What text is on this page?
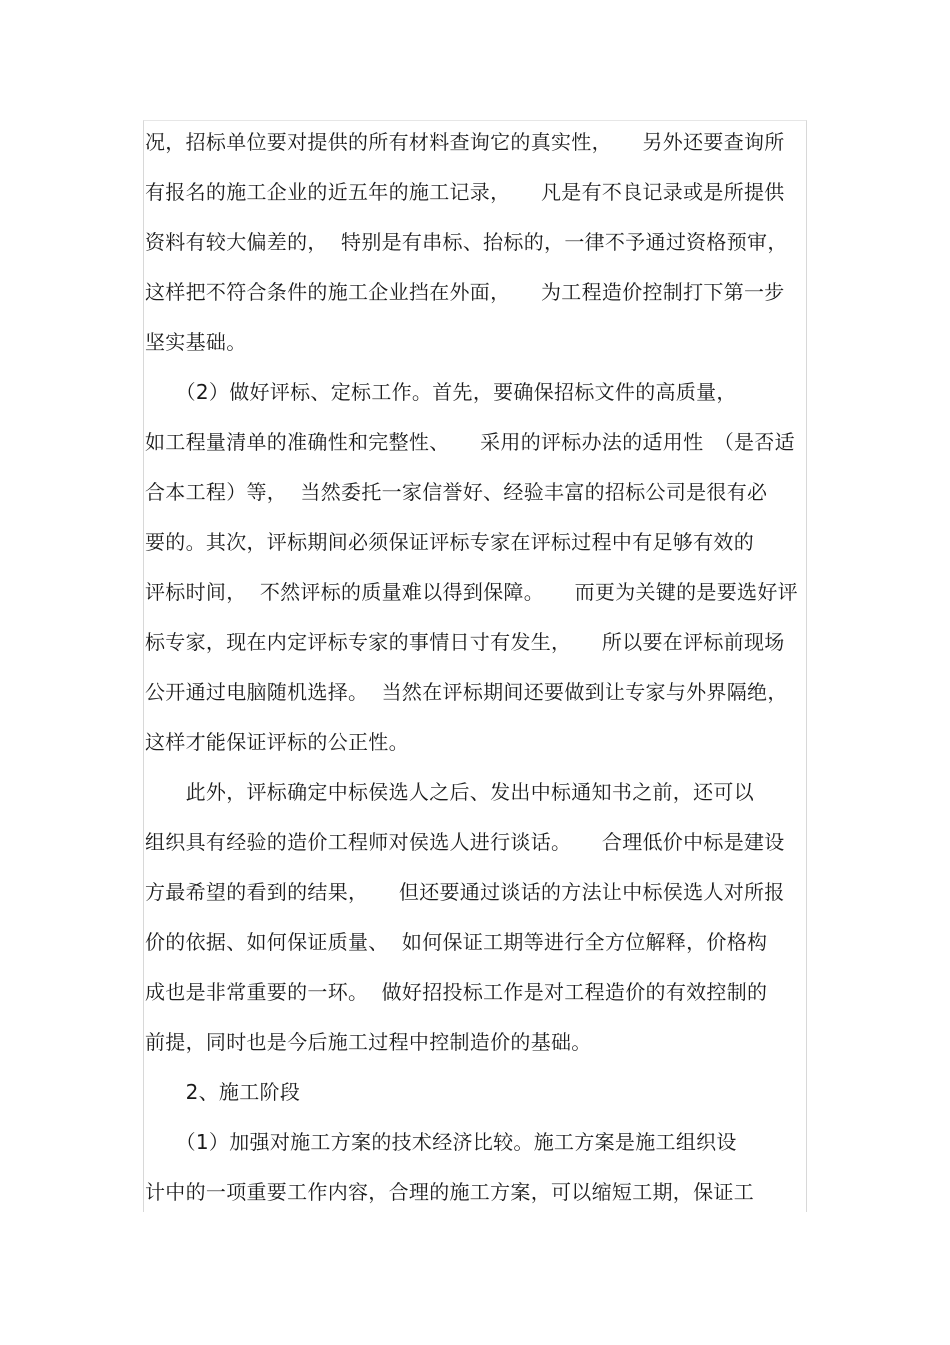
况，招标单位要对提供的所有材料查询它的真实性，　　另外还要查询所

有报名的施工企业的近五年的施工记录，　　凡是有不良记录或是所提供

资料有较大偏差的，  特别是有串标、抬标的，一律不予通过资格预审，

这样把不符合条件的施工企业挡在外面，　　为工程造价控制打下第一步

坚实基础。

　　（2）做好评标、定标工作。首先，要确保招标文件的高质量，

如工程量清单的准确性和完整性、　　采用的评标办法的适用性　（是否适

合本工程）等，  当然委托一家信誉好、经验丰富的招标公司是很有必

要的。其次，评标期间必须保证评标专家在评标过程中有足够有效的

评标时间，  不然评标的质量难以得到保障。　　而更为关键的是要选好评

标专家，现在内定评标专家的事情日寸有发生，　　所以要在评标前现场

公开通过电脑随机选择。  当然在评标期间还要做到让专家与外界隔绝，

这样才能保证评标的公正性。

　　此外，评标确定中标侯选人之后、发出中标通知书之前，还可以

组织具有经验的造价工程师对侯选人进行谈话。　　合理低价中标是建设

方最希望的看到的结果，　　但还要通过谈话的方法让中标侯选人对所报

价的依据、如何保证质量、  如何保证工期等进行全方位解释，价格构

成也是非常重要的一环。  做好招投标工作是对工程造价的有效控制的

前提，同时也是今后施工过程中控制造价的基础。

　　2、施工阶段

　　（1）加强对施工方案的技术经济比较。施工方案是施工组织设

计中的一项重要工作内容，合理的施工方案，可以缩短工期，保证工
